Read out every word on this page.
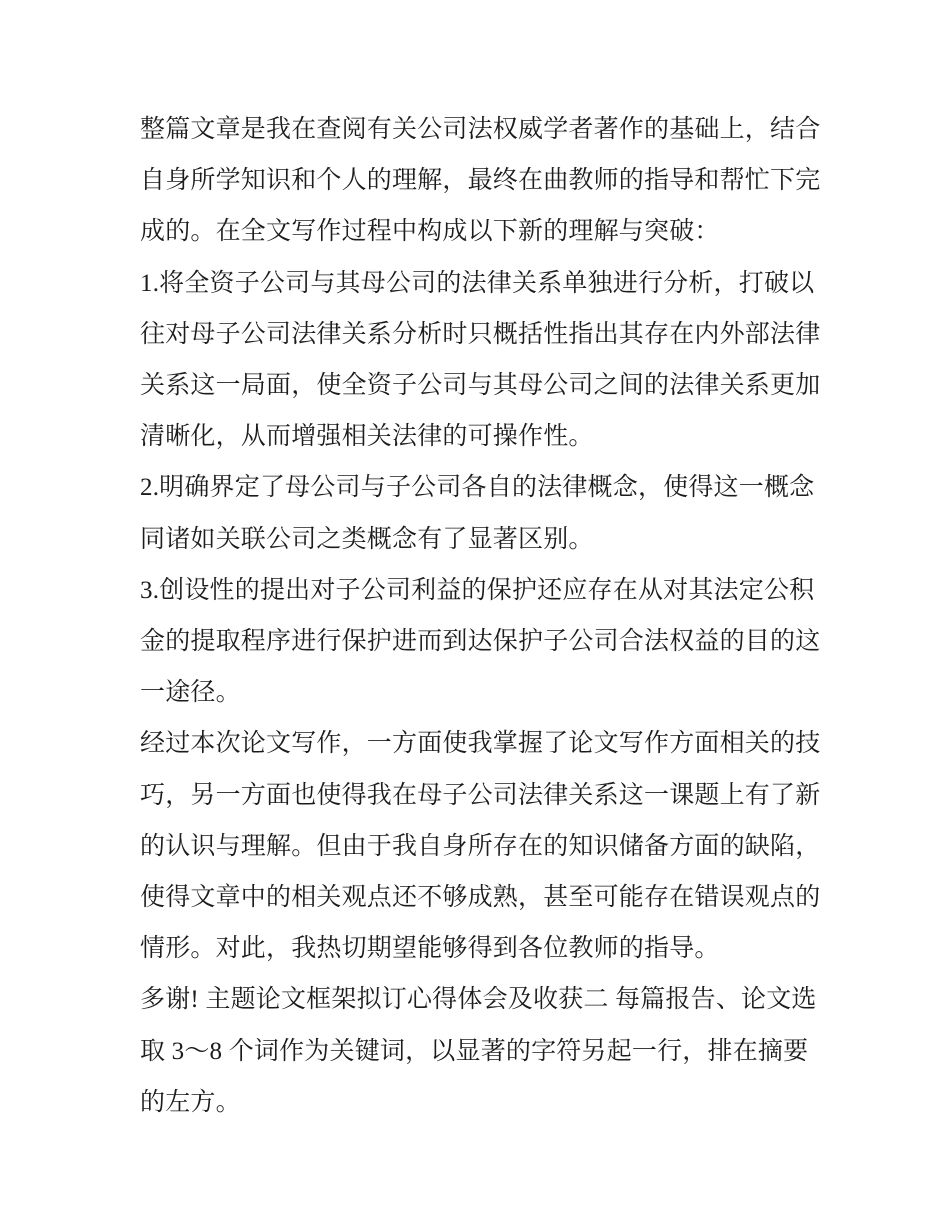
整篇文章是我在查阅有关公司法权威学者著作的基础上，结合
自身所学知识和个人的理解，最终在曲教师的指导和帮忙下完
成的。在全文写作过程中构成以下新的理解与突破：
1.将全资子公司与其母公司的法律关系单独进行分析，打破以
往对母子公司法律关系分析时只概括性指出其存在内外部法律
关系这一局面，使全资子公司与其母公司之间的法律关系更加
清晰化，从而增强相关法律的可操作性。
2.明确界定了母公司与子公司各自的法律概念，使得这一概念
同诸如关联公司之类概念有了显著区别。
3.创设性的提出对子公司利益的保护还应存在从对其法定公积
金的提取程序进行保护进而到达保护子公司合法权益的目的这
一途径。
经过本次论文写作，一方面使我掌握了论文写作方面相关的技
巧，另一方面也使得我在母子公司法律关系这一课题上有了新
的认识与理解。但由于我自身所存在的知识储备方面的缺陷，
使得文章中的相关观点还不够成熟，甚至可能存在错误观点的
情形。对此，我热切期望能够得到各位教师的指导。
多谢! 主题论文框架拟订心得体会及收获二 每篇报告、论文选
取 3～8 个词作为关键词，以显著的字符另起一行，排在摘要
的左方。
